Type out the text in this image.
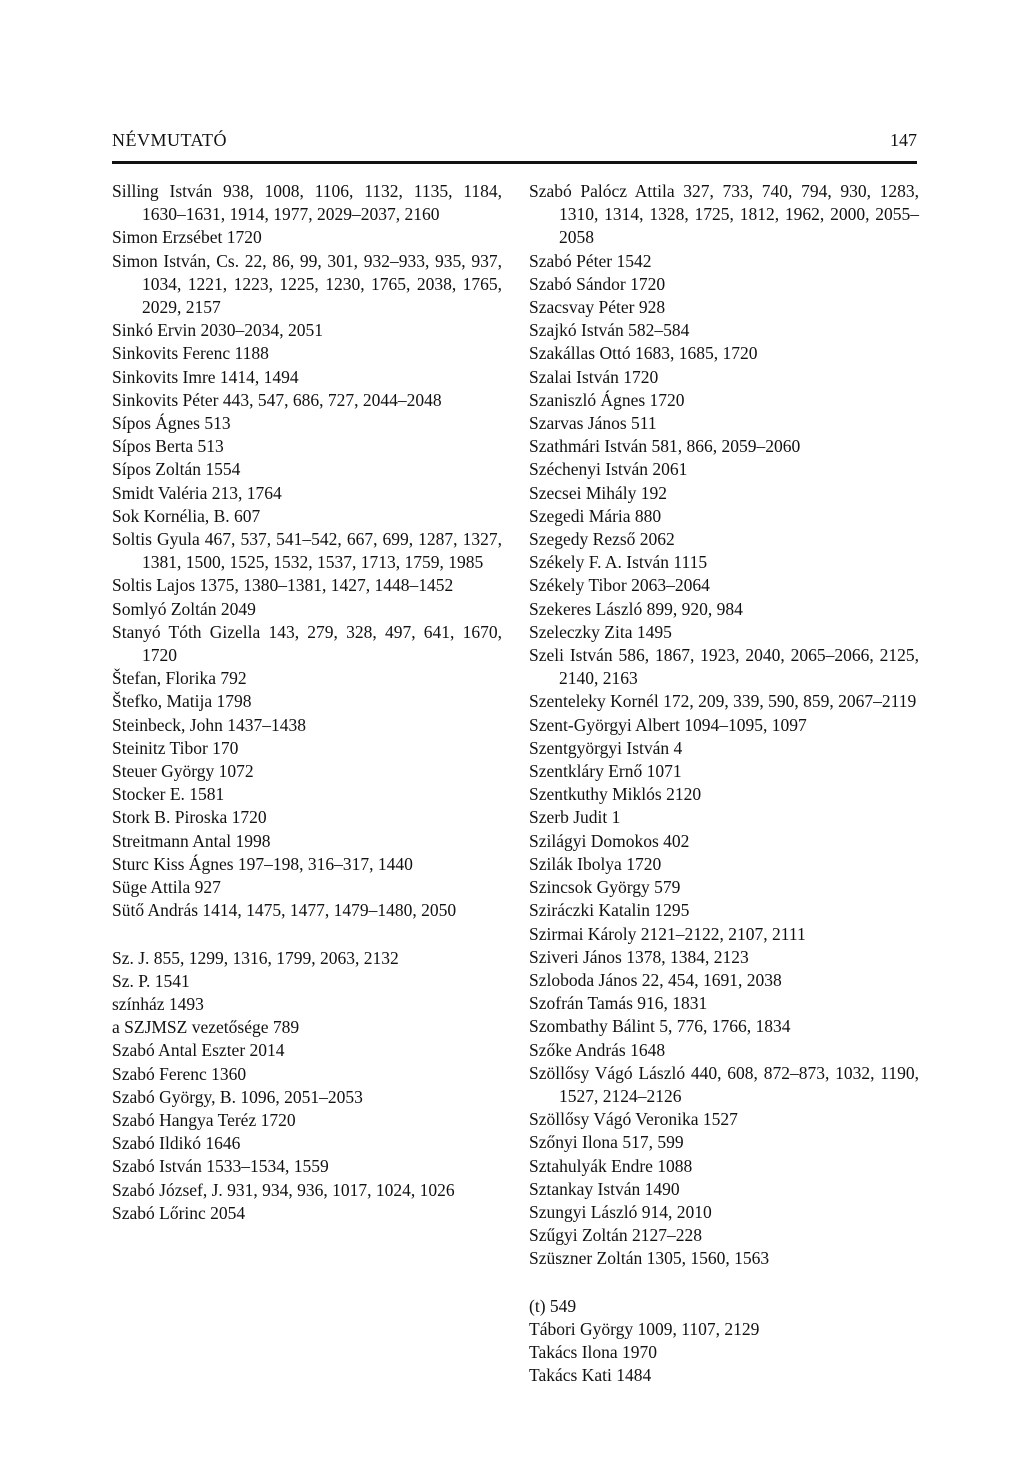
NÉVMUTATÓ	147

Silling István 938, 1008, 1106, 1132, 1135, 1184, 1630–1631, 1914, 1977, 2029–2037, 2160

Simon Erzsébet 1720

Simon István, Cs. 22, 86, 99, 301, 932–933, 935, 937, 1034, 1221, 1223, 1225, 1230, 1765, 2038, 1765, 2029, 2157

Sinkó Ervin 2030–2034, 2051

Sinkovits Ferenc 1188

Sinkovits Imre 1414, 1494

Sinkovits Péter 443, 547, 686, 727, 2044–2048

Sípos Ágnes 513

Sípos Berta 513

Sípos Zoltán 1554

Smidt Valéria 213, 1764

Sok Kornélia, B. 607

Soltis Gyula 467, 537, 541–542, 667, 699, 1287, 1327, 1381, 1500, 1525, 1532, 1537, 1713, 1759, 1985

Soltis Lajos 1375, 1380–1381, 1427, 1448–1452

Somlyó Zoltán 2049

Stanyó Tóth Gizella 143, 279, 328, 497, 641, 1670, 1720

Štefan, Florika 792

Štefko, Matija 1798

Steinbeck, John 1437–1438

Steinitz Tibor 170

Steuer György 1072

Stocker E. 1581

Stork B. Piroska 1720

Streitmann Antal 1998

Sturc Kiss Ágnes 197–198, 316–317, 1440

Süge Attila 927

Sütő András 1414, 1475, 1477, 1479–1480, 2050

Sz. J. 855, 1299, 1316, 1799, 2063, 2132

Sz. P. 1541

színház 1493

a SZJMSZ vezetősége 789

Szabó Antal Eszter 2014

Szabó Ferenc 1360

Szabó György, B. 1096, 2051–2053

Szabó Hangya Teréz 1720

Szabó Ildikó 1646

Szabó István 1533–1534, 1559

Szabó József, J. 931, 934, 936, 1017, 1024, 1026

Szabó Lőrinc 2054

Szabó Palócz Attila 327, 733, 740, 794, 930, 1283, 1310, 1314, 1328, 1725, 1812, 1962, 2000, 2055–2058

Szabó Péter 1542

Szabó Sándor 1720

Szacsvay Péter 928

Szajkó István 582–584

Szakállas Ottó 1683, 1685, 1720

Szalai István 1720

Szaniszló Ágnes 1720

Szarvas János 511

Szathmári István 581, 866, 2059–2060

Széchenyi István 2061

Szecsei Mihály 192

Szegedi Mária 880

Szegedy Rezső 2062

Székely F. A. István 1115

Székely Tibor 2063–2064

Szekeres László 899, 920, 984

Szeleczky Zita 1495

Szeli István 586, 1867, 1923, 2040, 2065–2066, 2125, 2140, 2163

Szenteleky Kornél 172, 209, 339, 590, 859, 2067–2119

Szent-Györgyi Albert 1094–1095, 1097

Szentgyörgyi István 4

Szentkláry Ernő 1071

Szentkuthy Miklós 2120

Szerb Judit 1

Szilágyi Domokos 402

Szilák Ibolya 1720

Szincsok György 579

Sziráczki Katalin 1295

Szirmai Károly 2121–2122, 2107, 2111

Sziveri János 1378, 1384, 2123

Szloboda János 22, 454, 1691, 2038

Szofrán Tamás 916, 1831

Szombathy Bálint 5, 776, 1766, 1834

Szőke András 1648

Szöllősy Vágó László 440, 608, 872–873, 1032, 1190, 1527, 2124–2126

Szöllősy Vágó Veronika 1527

Szőnyi Ilona 517, 599

Sztahulyák Endre 1088

Sztankay István 1490

Szungyi László 914, 2010

Szűgyi Zoltán 2127–228

Szüszner Zoltán 1305, 1560, 1563

(t) 549

Tábori György 1009, 1107, 2129

Takács Ilona 1970

Takács Kati 1484
